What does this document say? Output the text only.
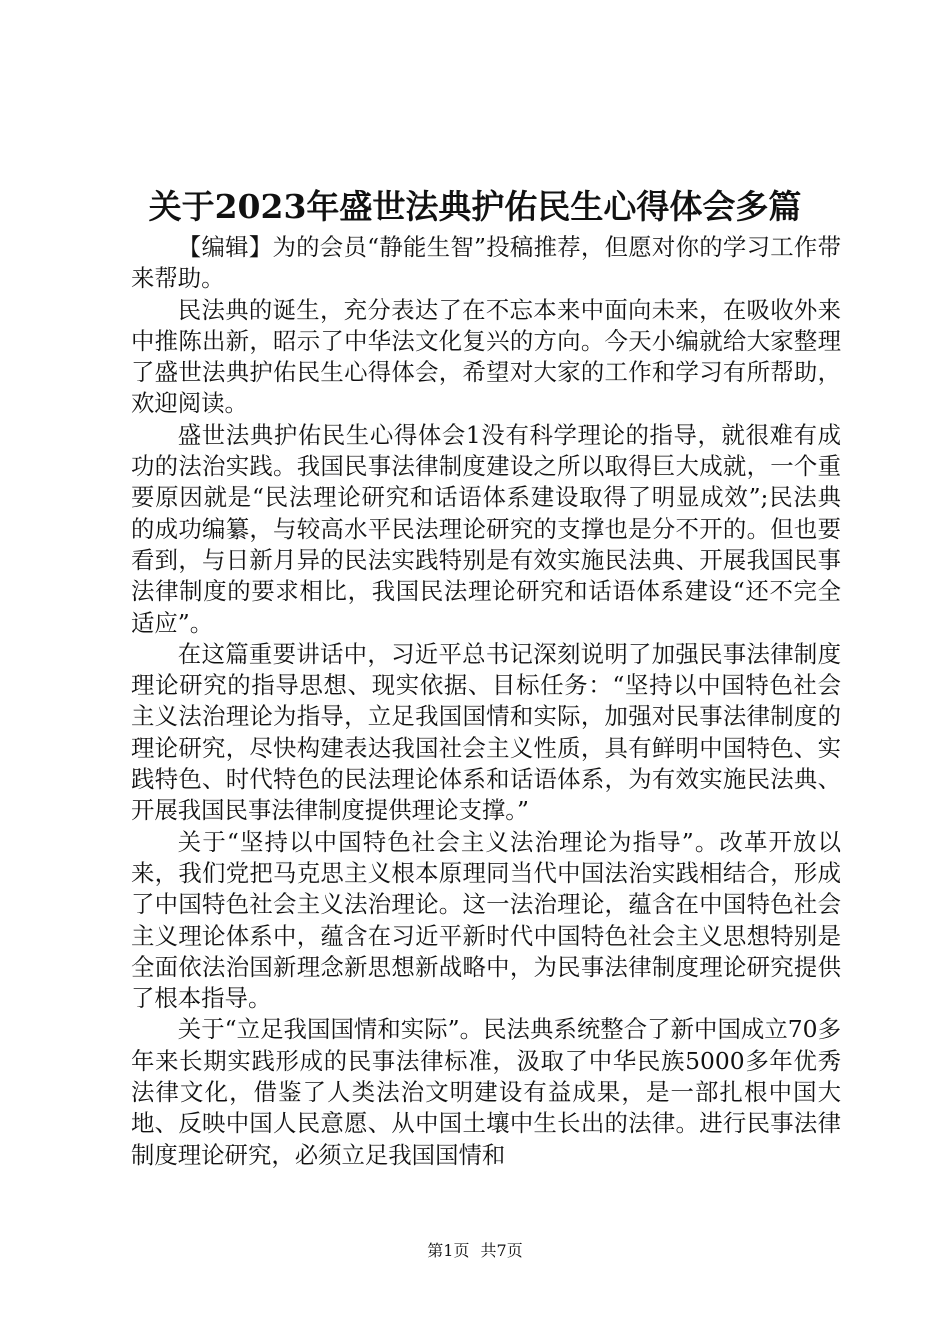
关于2023年盛世法典护佑民生心得体会多篇

【编辑】为的会员“静能生智”投稿推荐，但愿对你的学习工作带来帮助。

民法典的诞生，充分表达了在不忘本来中面向未来，在吸收外来中推陈出新，昭示了中华法文化复兴的方向。今天小编就给大家整理了盛世法典护佑民生心得体会，希望对大家的工作和学习有所帮助，欢迎阅读。

盛世法典护佑民生心得体会1没有科学理论的指导，就很难有成功的法治实践。我国民事法律制度建设之所以取得巨大成就，一个重要原因就是“民法理论研究和话语体系建设取得了明显成效”;民法典的成功编纂，与较高水平民法理论研究的支撑也是分不开的。但也要看到，与日新月异的民法实践特别是有效实施民法典、开展我国民事法律制度的要求相比，我国民法理论研究和话语体系建设“还不完全适应”。

在这篇重要讲话中，习近平总书记深刻说明了加强民事法律制度理论研究的指导思想、现实依据、目标任务：“坚持以中国特色社会主义法治理论为指导，立足我国国情和实际，加强对民事法律制度的理论研究，尽快构建表达我国社会主义性质，具有鲜明中国特色、实践特色、时代特色的民法理论体系和话语体系，为有效实施民法典、开展我国民事法律制度提供理论支撑。”

关于“坚持以中国特色社会主义法治理论为指导”。改革开放以来，我们党把马克思主义根本原理同当代中国法治实践相结合，形成了中国特色社会主义法治理论。这一法治理论，蕴含在中国特色社会主义理论体系中，蕴含在习近平新时代中国特色社会主义思想特别是全面依法治国新理念新思想新战略中，为民事法律制度理论研究提供了根本指导。

关于“立足我国国情和实际”。民法典系统整合了新中国成立70多年来长期实践形成的民事法律标准，汲取了中华民族5000多年优秀法律文化，借鉴了人类法治文明建设有益成果，是一部扎根中国大地、反映中国人民意愿、从中国土壤中生长出的法律。进行民事法律制度理论研究，必须立足我国国情和

第1页 共7页
